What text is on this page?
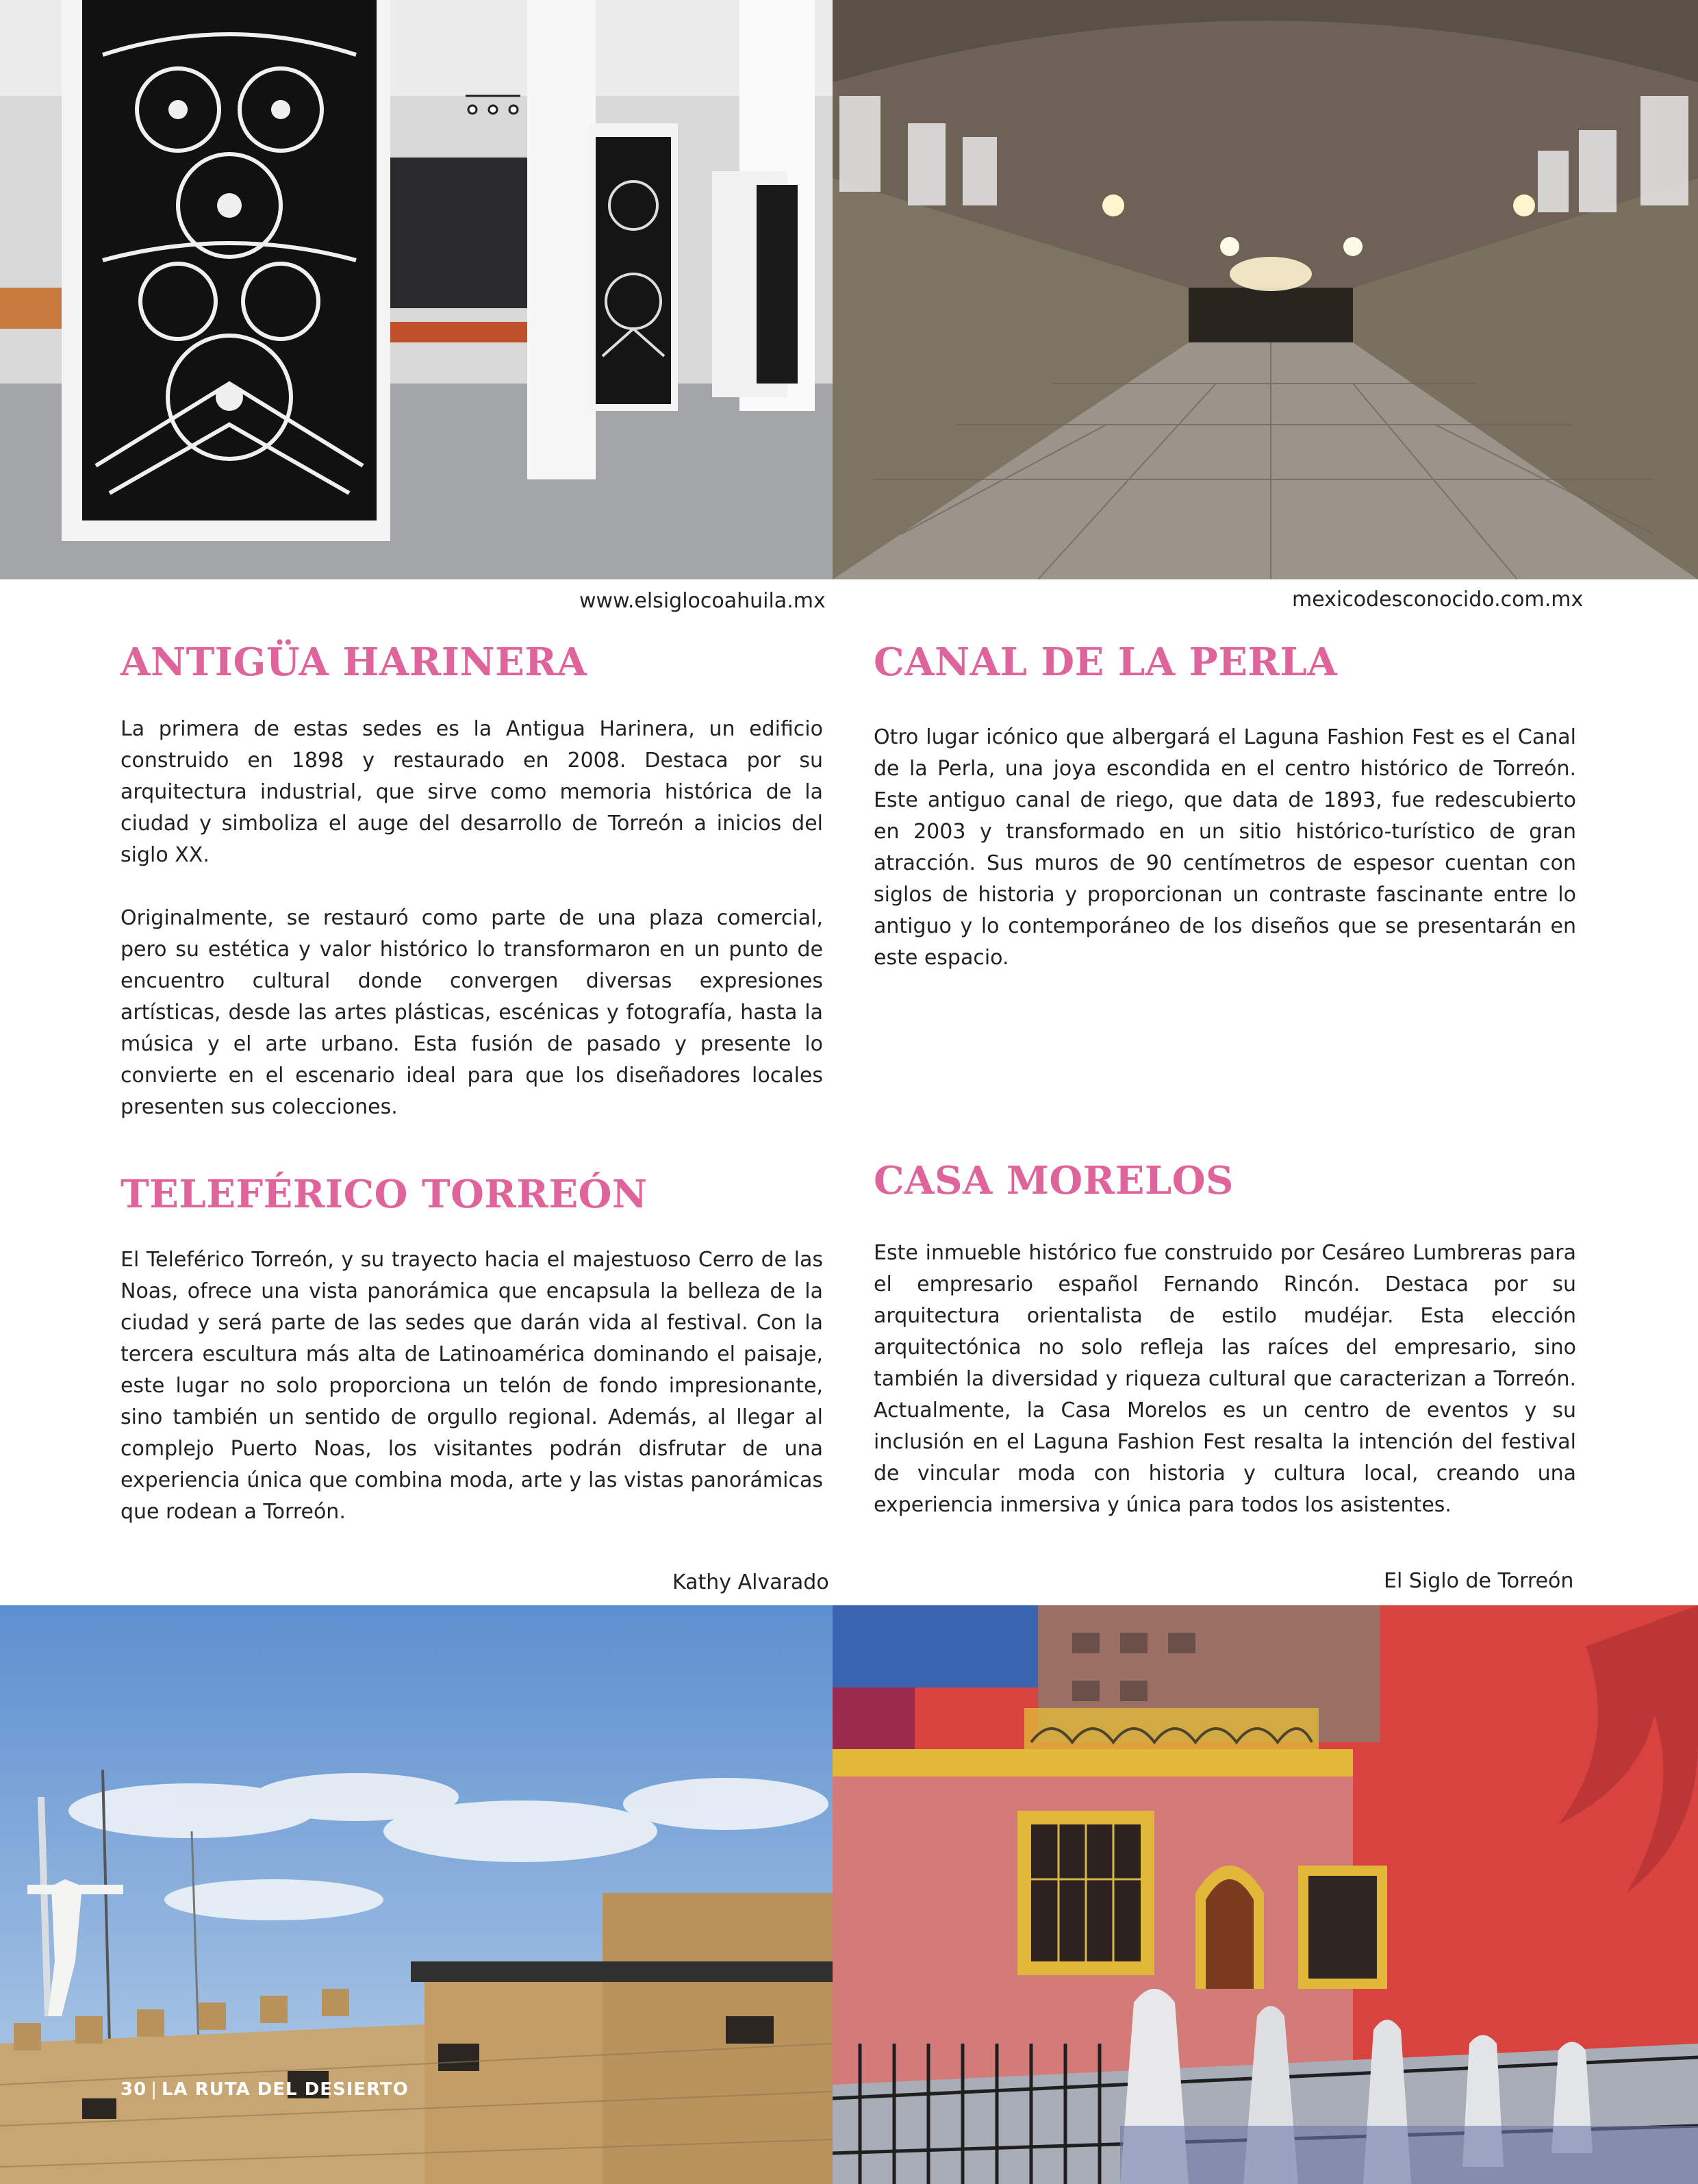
www.elsiglocoahuila.mx	mexicodesconocido.com.mx
ANTIGÜA HARINERA

La primera de estas sedes es la Antigua Harinera, un edificio construido en 1898 y restaurado en 2008. Destaca por su arquitectura industrial, que sirve como memoria histórica de la ciudad y simboliza el auge del desarrollo de Torreón a inicios del siglo XX.

Originalmente, se restauró como parte de una plaza comercial, pero su estética y valor histórico lo transformaron en un punto de encuentro cultural donde convergen diversas expresiones artísticas, desde las artes plásticas, escénicas y fotografía, hasta la música y el arte urbano. Esta fusión de pasado y presente lo convierte en el escenario ideal para que los diseñadores locales presenten sus colecciones.

CANAL DE LA PERLA

Otro lugar icónico que albergará el Laguna Fashion Fest es el Canal de la Perla, una joya escondida en el centro histórico de Torreón. Este antiguo canal de riego, que data de 1893, fue redescubierto en 2003 y transformado en un sitio histórico-turístico de gran atracción. Sus muros de 90 centímetros de espesor cuentan con siglos de historia y proporcionan un contraste fascinante entre lo antiguo y lo contemporáneo de los diseños que se presentarán en este espacio.

TELEFÉRICO TORREÓN

El Teleférico Torreón, y su trayecto hacia el majestuoso Cerro de las Noas, ofrece una vista panorámica que encapsula la belleza de la ciudad y será parte de las sedes que darán vida al festival. Con la tercera escultura más alta de Latinoamérica dominando el paisaje, este lugar no solo proporciona un telón de fondo impresionante, sino también un sentido de orgullo regional. Además, al llegar al complejo Puerto Noas, los visitantes podrán disfrutar de una experiencia única que combina moda, arte y las vistas panorámicas que rodean a Torreón.

CASA MORELOS

Este inmueble histórico fue construido por Cesáreo Lumbreras para el empresario español Fernando Rincón. Destaca por su arquitectura orientalista de estilo mudéjar. Esta elección arquitectónica no solo refleja las raíces del empresario, sino también la diversidad y riqueza cultural que caracterizan a Torreón. Actualmente, la Casa Morelos es un centro de eventos y su inclusión en el Laguna Fashion Fest resalta la intención del festival de vincular moda con historia y cultura local, creando una experiencia inmersiva y única para todos los asistentes.

Kathy Alvarado	El Siglo de Torreón
30 | LA RUTA DEL DESIERTO
